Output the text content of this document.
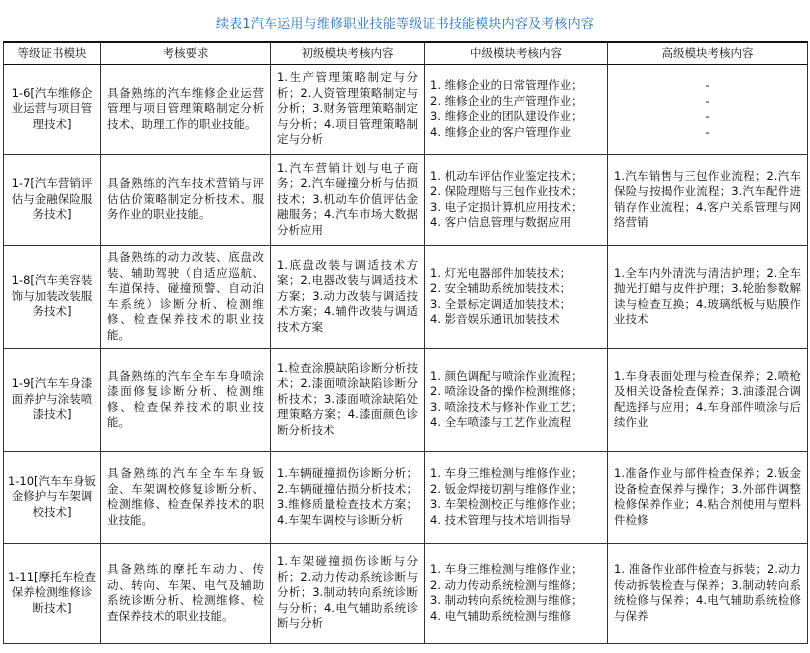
续表1汽车运用与维修职业技能等级证书技能模块内容及考核内容
等级证书模块	考核要求	初级模块考核内容	中级模块考核内容	高级模块考核内容
1-6[汽车维修企业运营与项目管理技术]	具备熟练的汽车维修企业运营管理与项目管理策略制定分析技术、助理工作的职业技能。	1.生产管理策略制定与分析；2.人资管理策略制定与分析；3.财务管理策略制定与分析；4.项目管理策略制定与分析	1. 维修企业的日常管理作业；
2. 维修企业的生产管理作业；
3. 维修企业的团队建设作业；
4. 维修企业的客户管理作业	-
-
-
-

1-7[汽车营销评估与金融保险服务技术]	具备熟练的汽车技术营销与评估估价策略制定分析技术、服务作业的职业技能。	1.汽车营销计划与电子商务；2.汽车碰撞分析与估损技术；3.机动车价值评估金融服务；4.汽车市场大数据分析应用	1. 机动车评估作业鉴定技术；
2. 保险理赔与三包作业技术；
3. 电子定损计算机应用技术；
4. 客户信息管理与数据应用	1.汽车销售与三包作业流程；2.汽车保险与按揭作业流程；3.汽车配件进销存作业流程；4.客户关系管理与网络营销
1-8[汽车美容装饰与加装改装服务技术]	具备熟练的动力改装、底盘改装、辅助驾驶（自适应巡航、车道保持、碰撞预警、自动泊车系统）诊断分析、检测维修、检查保养技术的职业技能。	1.底盘改装与调适技术方案；2.电器改装与调适技术方案；3.动力改装与调适技术方案；4.辅件改装与调适技术方案	1. 灯光电器部件加装技术；
2. 安全辅助系统加装技术；
3. 全景标定调适加装技术；
4. 影音娱乐通讯加装技术	1.全车内外清洗与清洁护理；2.全车抛光打蜡与皮件护理；3.轮胎参数解读与检查互换；4.玻璃纸板与贴膜作业技术
1-9[汽车车身漆面养护与涂装喷漆技术]	具备熟练的汽车全车车身喷涂漆面修复诊断分析、检测维修、检查保养技术的职业技能。	1.检查涂膜缺陷诊断分析技术；2.漆面喷涂缺陷诊断分析技术；3.漆面喷涂缺陷处理策略方案；4.漆面颜色诊断分析技术	1. 颜色调配与喷涂作业流程；
2. 喷涂设备的操作检测维修；
3. 喷涂技术与修补作业工艺；
4. 全车喷漆与工艺作业流程	1.车身表面处理与检查保养；2.喷枪及相关设备检查保养；3.油漆混合调配选择与应用；4.车身部件喷涂与后续作业
1-10[汽车车身钣金修护与车架调校技术]	具备熟练的汽车全车车身钣金、车架调校修复诊断分析、检测维修、检查保养技术的职业技能。	1.车辆碰撞损伤诊断分析；2.车辆碰撞估损分析技术；3.维修质量检查技术方案；4.车架车调校与诊断分析	1. 车身三维检测与维修作业；
2. 钣金焊接切割与维修作业；
3. 车架检测校正与维修作业；
4. 技术管理与技术培训指导	1.准备作业与部件检查保养；2.钣金设备检查保养与操作；3.外部件调整检修保养作业；4.粘合剂使用与塑料件检修
1-11[摩托车检查保养检测维修诊断技术]	具备熟练的摩托车动力、传动、转向、车架、电气及辅助系统诊断分析、检测维修、检查保养技术的职业技能。	1.车架碰撞损伤诊断与分析；2.动力传动系统诊断与分析；3.制动转向系统诊断与分析；4.电气辅助系统诊断与分析	1. 车身三维检测与维修作业；
2. 动力传动系统检测与维修；
3. 制动转向系统检测与维修；
4. 电气辅助系统检测与维修	1. 准备作业部件检查与拆装；2.动力传动拆装检查与保养；3.制动转向系统检修与保养；4.电气辅助系统检修与保养
